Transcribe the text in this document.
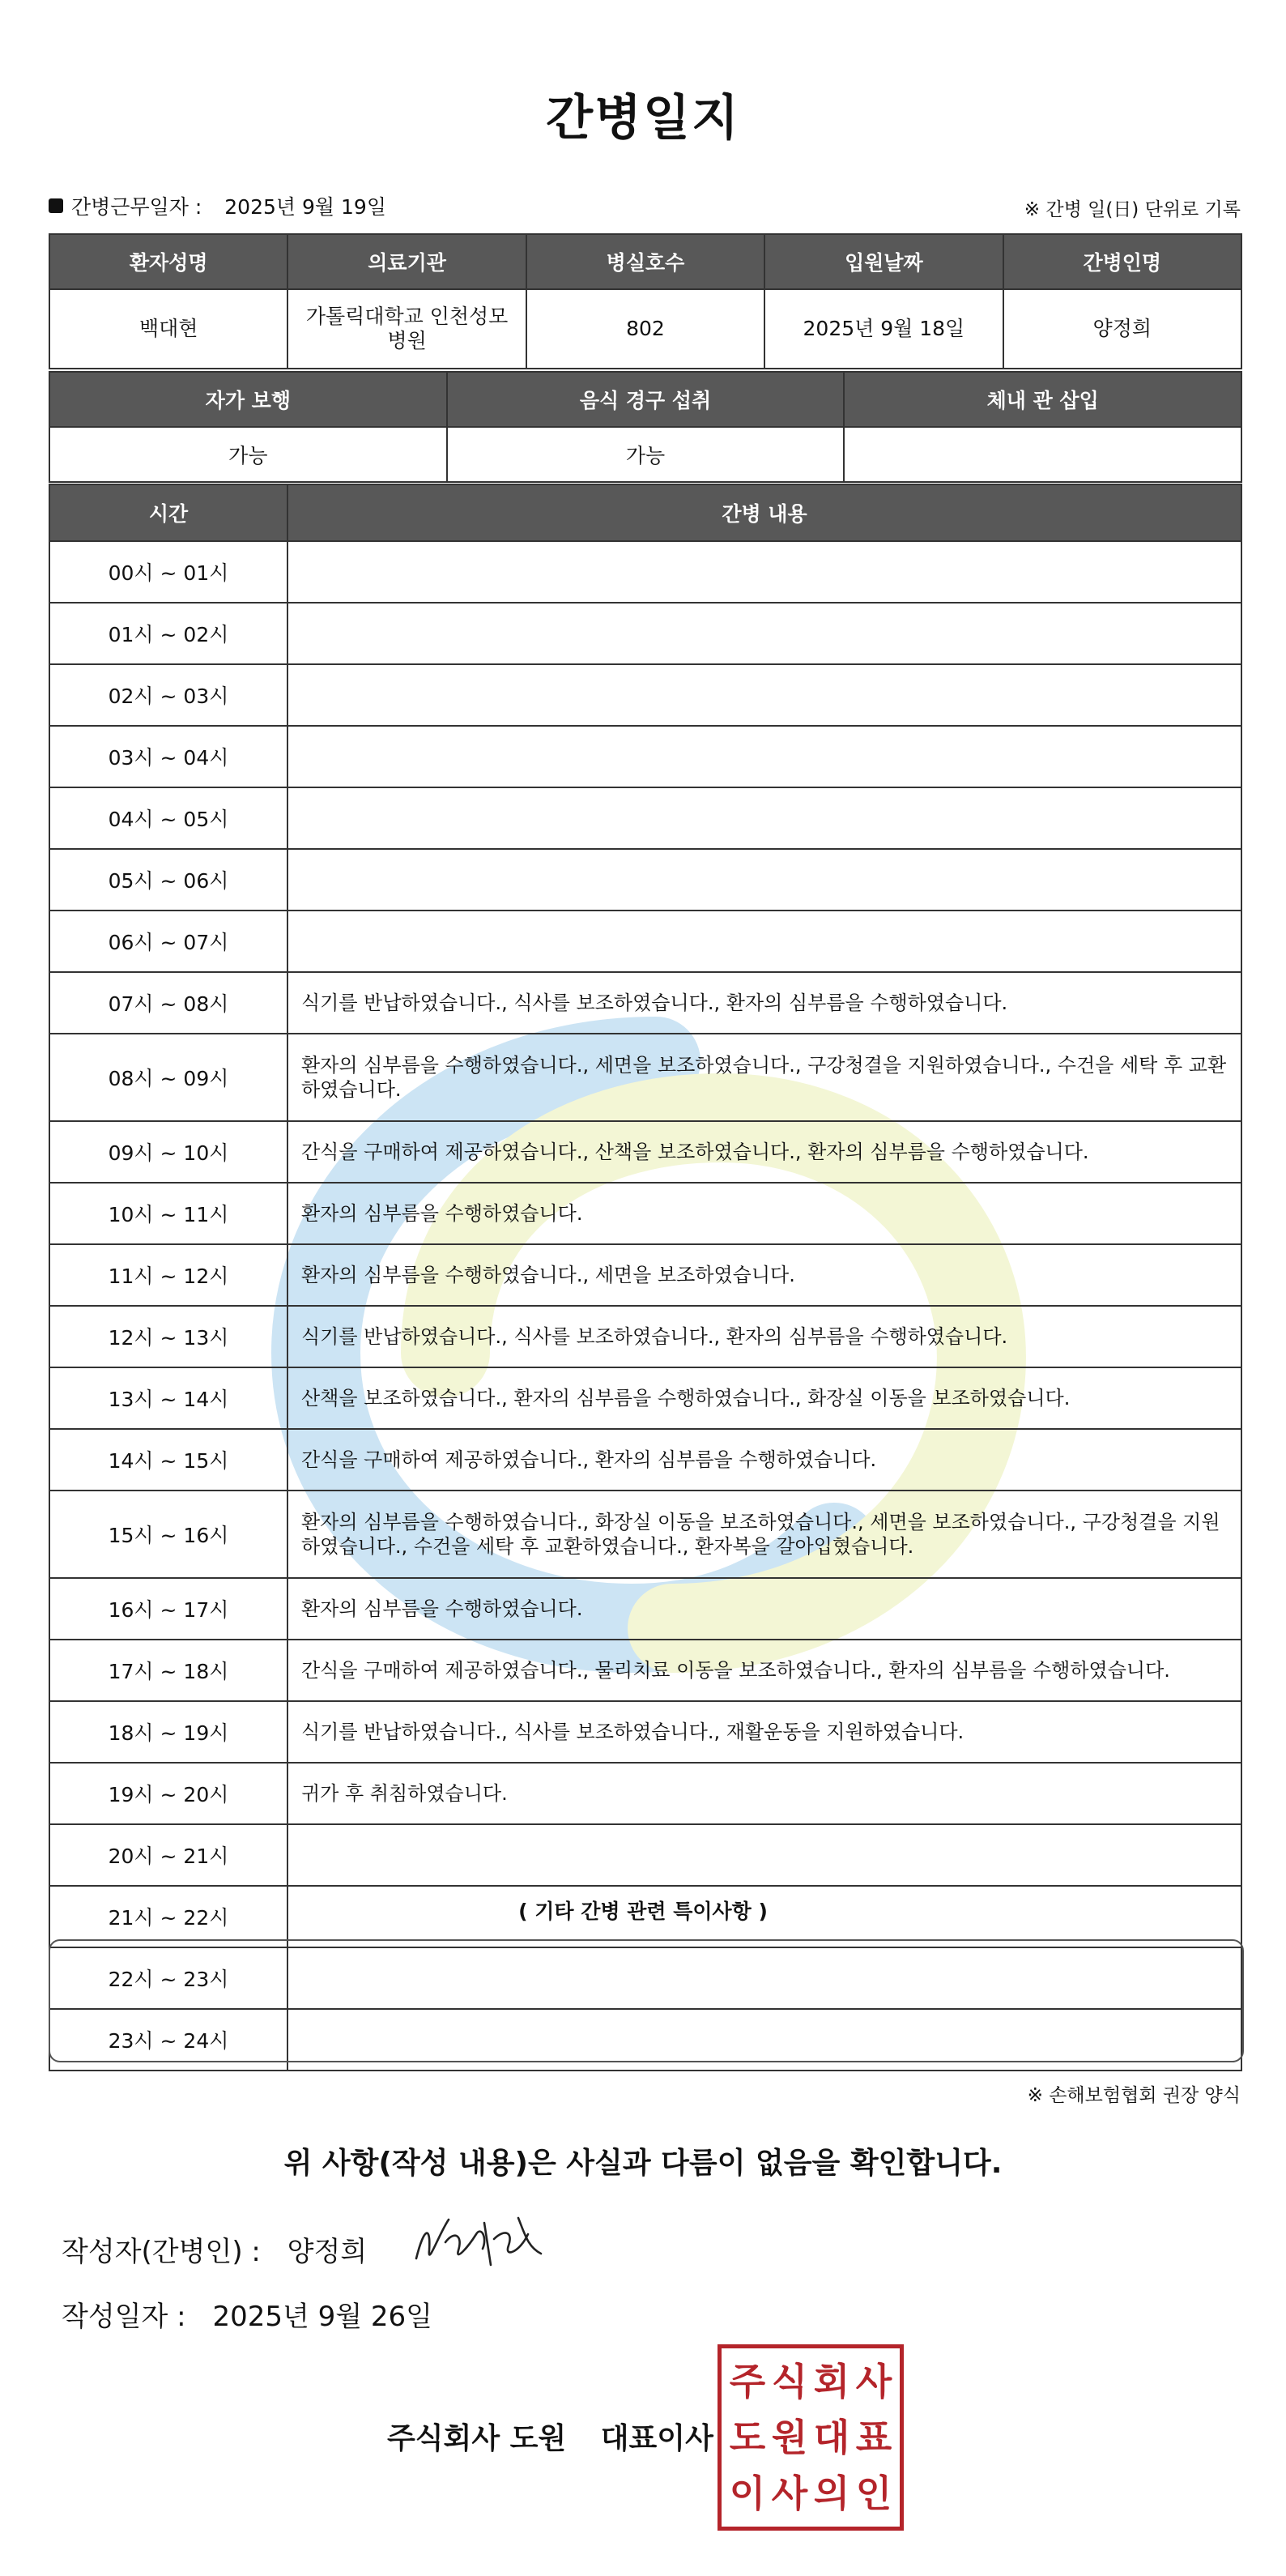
간병일지
간병근무일자 : 2025년 9월 19일	※ 간병 일(日) 단위로 기록
환자성명	의료기관	병실호수	입원날짜	간병인명
백대현	가톨릭대학교 인천성모병원	802	2025년 9월 18일	양정희
자가 보행	음식 경구 섭취	체내 관 삽입
가능	가능	
시간	간병 내용
00시 ~ 01시	
01시 ~ 02시	
02시 ~ 03시	
03시 ~ 04시	
04시 ~ 05시	
05시 ~ 06시	
06시 ~ 07시	
07시 ~ 08시	식기를 반납하였습니다., 식사를 보조하였습니다., 환자의 심부름을 수행하였습니다.
08시 ~ 09시	환자의 심부름을 수행하였습니다., 세면을 보조하였습니다., 구강청결을 지원하였습니다., 수건을 세탁 후 교환하였습니다.
09시 ~ 10시	간식을 구매하여 제공하였습니다., 산책을 보조하였습니다., 환자의 심부름을 수행하였습니다.
10시 ~ 11시	환자의 심부름을 수행하였습니다.
11시 ~ 12시	환자의 심부름을 수행하였습니다., 세면을 보조하였습니다.
12시 ~ 13시	식기를 반납하였습니다., 식사를 보조하였습니다., 환자의 심부름을 수행하였습니다.
13시 ~ 14시	산책을 보조하였습니다., 환자의 심부름을 수행하였습니다., 화장실 이동을 보조하였습니다.
14시 ~ 15시	간식을 구매하여 제공하였습니다., 환자의 심부름을 수행하였습니다.
15시 ~ 16시	환자의 심부름을 수행하였습니다., 화장실 이동을 보조하였습니다., 세면을 보조하였습니다., 구강청결을 지원하였습니다., 수건을 세탁 후 교환하였습니다., 환자복을 갈아입혔습니다.
16시 ~ 17시	환자의 심부름을 수행하였습니다.
17시 ~ 18시	간식을 구매하여 제공하였습니다., 물리치료 이동을 보조하였습니다., 환자의 심부름을 수행하였습니다.
18시 ~ 19시	식기를 반납하였습니다., 식사를 보조하였습니다., 재활운동을 지원하였습니다.
19시 ~ 20시	귀가 후 취침하였습니다.
20시 ~ 21시	
21시 ~ 22시	
22시 ~ 23시	
23시 ~ 24시	
( 기타 간병 관련 특이사항 )
※ 손해보험협회 권장 양식
위 사항(작성 내용)은 사실과 다름이 없음을 확인합니다.
작성자(간병인) : 양정희
작성일자 : 2025년 9월 26일
주식회사 도원 대표이사
주 식 회 사
도 원 대 표
이 사 의 인
